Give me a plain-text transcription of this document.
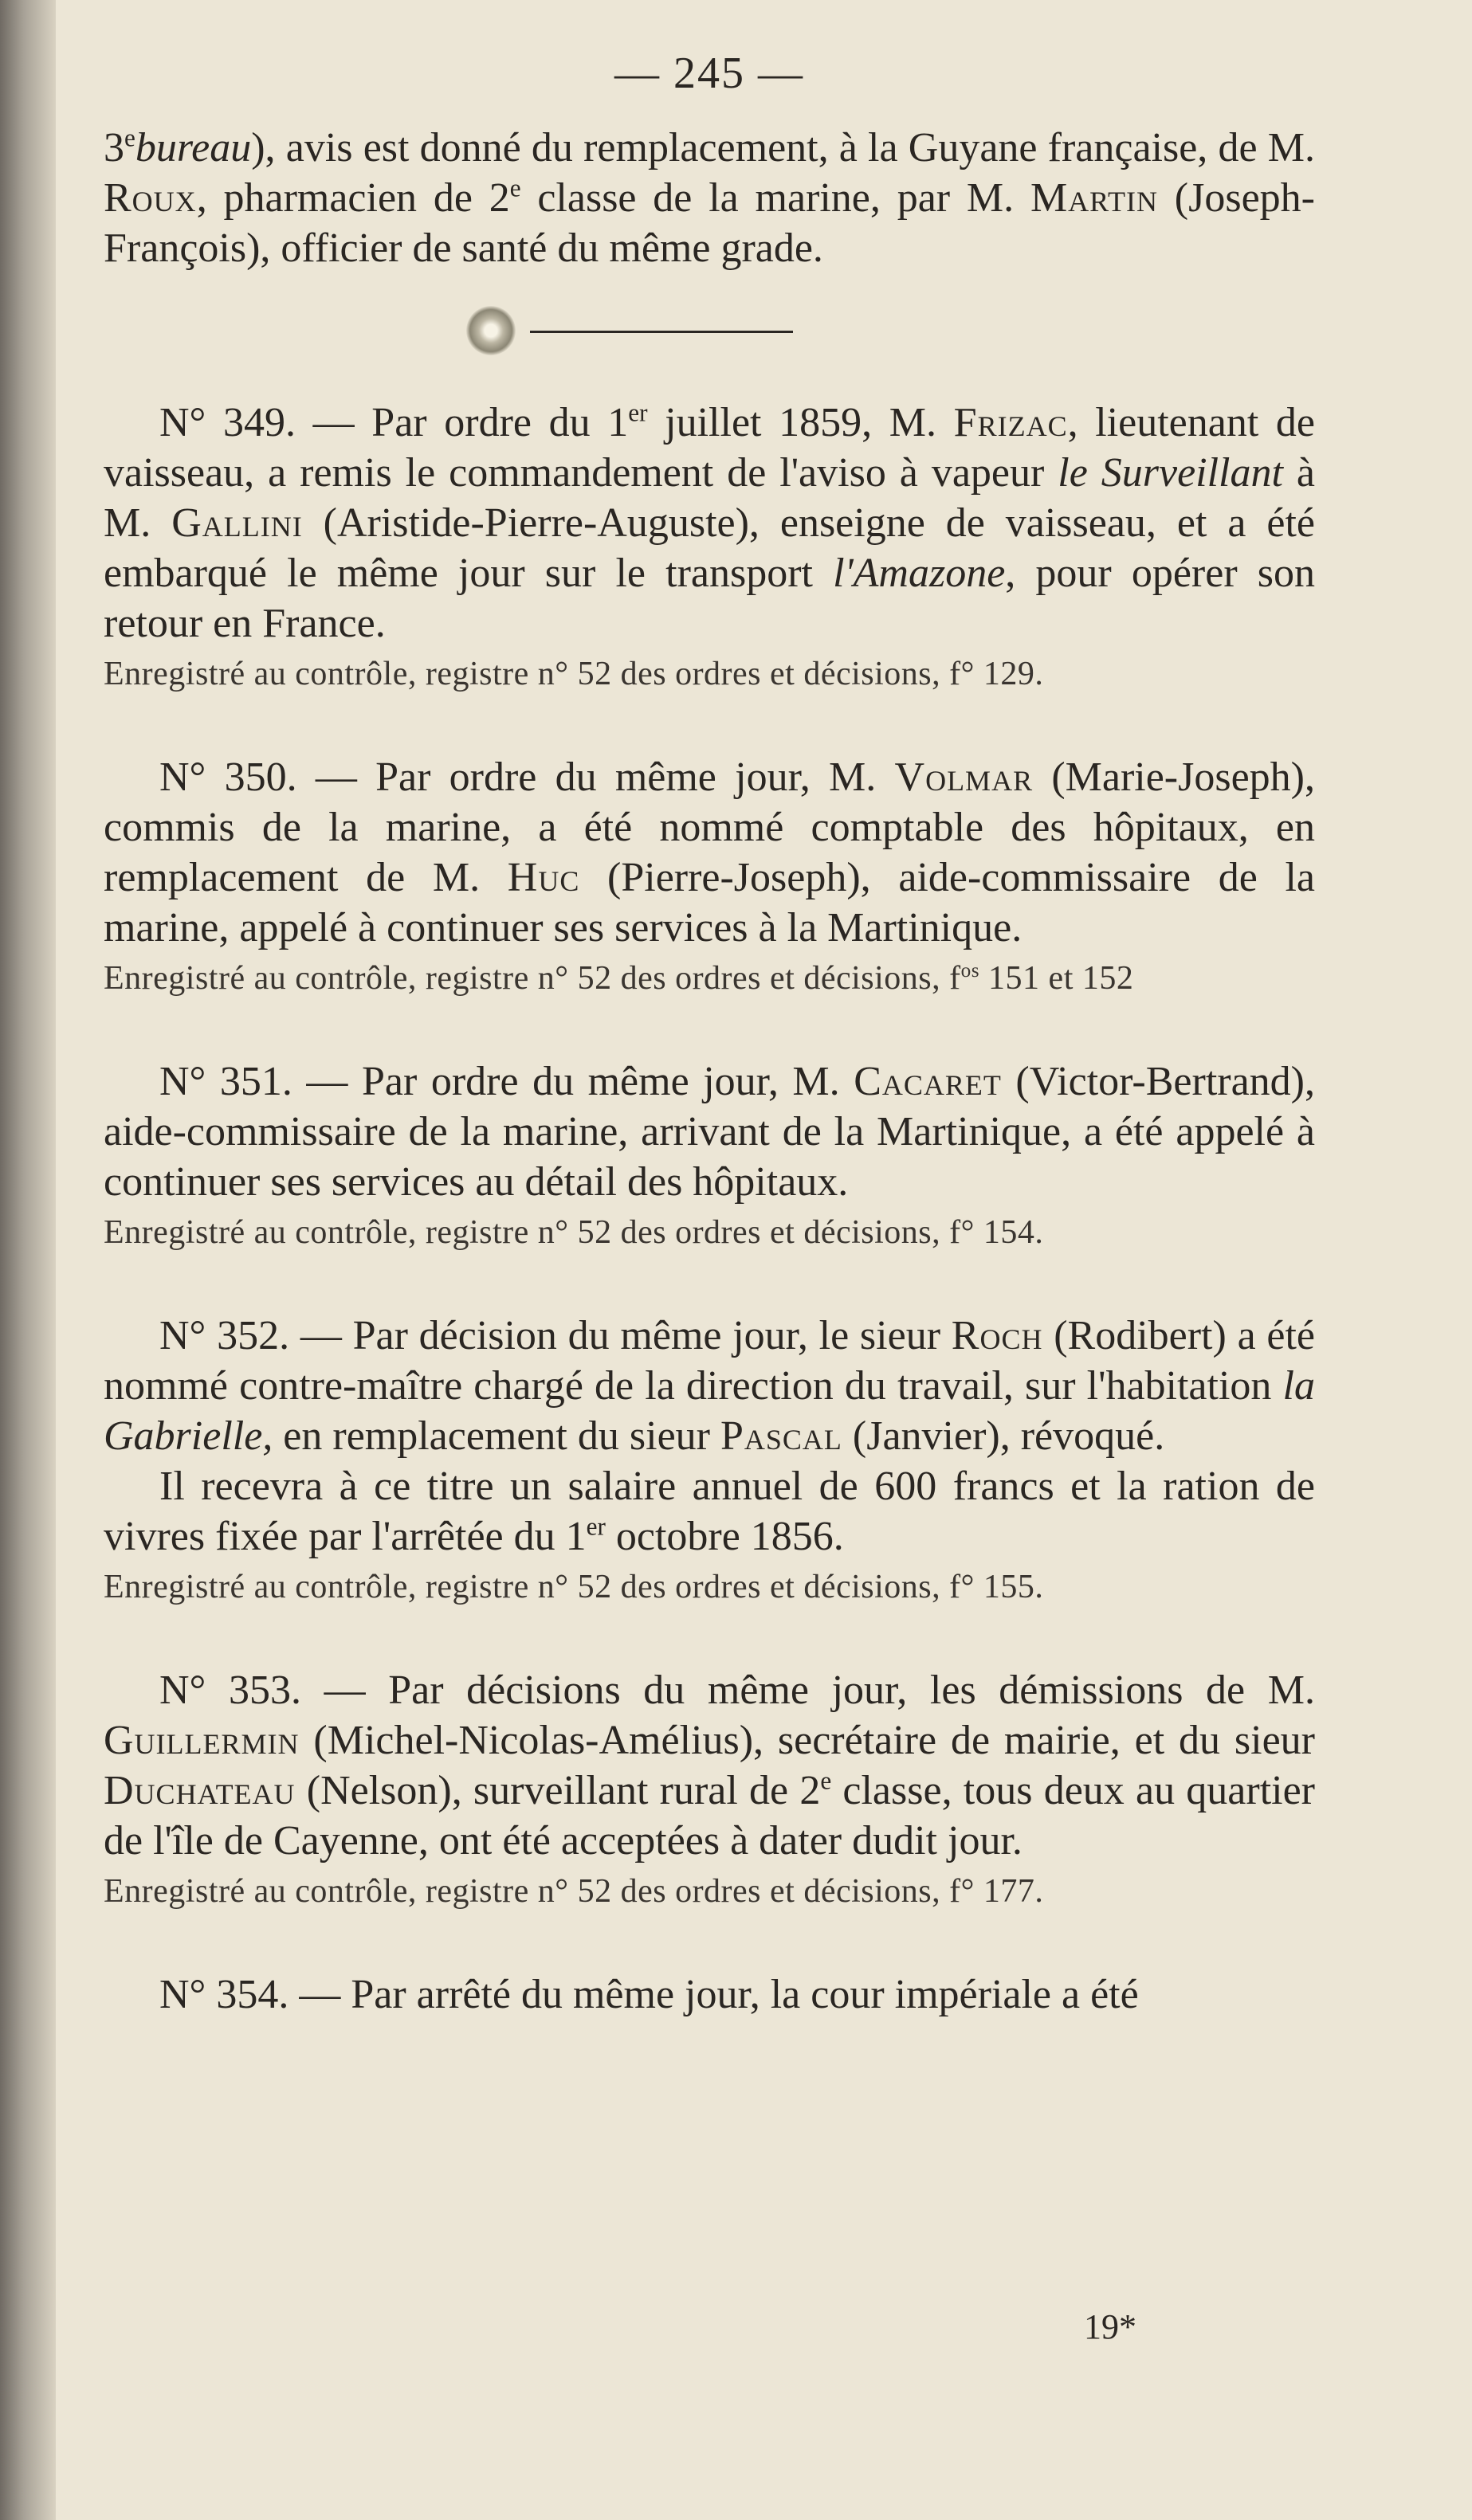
— 245 —

3ebureau), avis est donné du remplacement, à la Guyane française, de M. Roux, pharmacien de 2e classe de la marine, par M. Martin (Joseph-François), officier de santé du même grade.

N° 349. — Par ordre du 1er juillet 1859, M. Frizac, lieutenant de vaisseau, a remis le commandement de l'aviso à vapeur le Surveillant à M. Gallini (Aristide-Pierre-Auguste), enseigne de vaisseau, et a été embarqué le même jour sur le transport l'Amazone, pour opérer son retour en France.

Enregistré au contrôle, registre n° 52 des ordres et décisions, f° 129.

N° 350. — Par ordre du même jour, M. Volmar (Marie-Joseph), commis de la marine, a été nommé comptable des hôpitaux, en remplacement de M. Huc (Pierre-Joseph), aide-commissaire de la marine, appelé à continuer ses services à la Martinique.

Enregistré au contrôle, registre n° 52 des ordres et décisions, $f^{os}$ 151 et 152

N° 351. — Par ordre du même jour, M. Cacaret (Victor-Bertrand), aide-commissaire de la marine, arrivant de la Martinique, a été appelé à continuer ses services au détail des hôpitaux.

Enregistré au contrôle, registre n° 52 des ordres et décisions, f° 154.

N° 352. — Par décision du même jour, le sieur Roch (Rodibert) a été nommé contre-maître chargé de la direction du travail, sur l'habitation la Gabrielle, en remplacement du sieur Pascal (Janvier), révoqué.

Il recevra à ce titre un salaire annuel de 600 francs et la ration de vivres fixée par l'arrêtée du 1er octobre 1856.

Enregistré au contrôle, registre n° 52 des ordres et décisions, f° 155.

N° 353. — Par décisions du même jour, les démissions de M. Guillermin (Michel-Nicolas-Amélius), secrétaire de mairie, et du sieur Duchateau (Nelson), surveillant rural de 2e classe, tous deux au quartier de l'île de Cayenne, ont été acceptées à dater dudit jour.

Enregistré au contrôle, registre n° 52 des ordres et décisions, f° 177.

N° 354. — Par arrêté du même jour, la cour impériale a été

19*
